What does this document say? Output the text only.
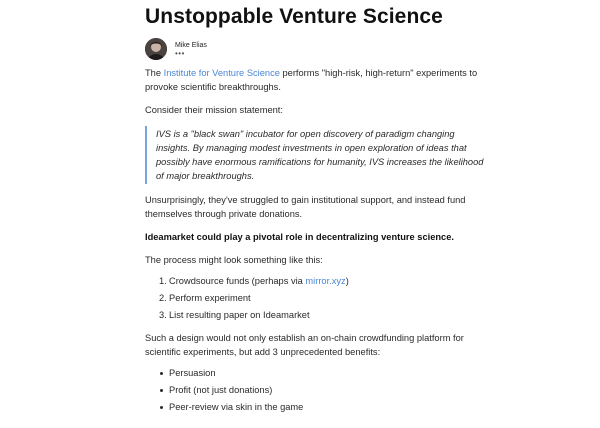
Unstoppable Venture Science
Mike Elias
•••

The Institute for Venture Science performs "high-risk, high-return" experiments to
provoke scientific breakthroughs.

Consider their mission statement:

IVS is a "black swan" incubator for open discovery of paradigm changing
insights. By managing modest investments in open exploration of ideas that
possibly have enormous ramifications for humanity, IVS increases the likelihood
of major breakthroughs.

Unsurprisingly, they've struggled to gain institutional support, and instead fund
themselves through private donations.

Ideamarket could play a pivotal role in decentralizing venture science.

The process might look something like this:

1. Crowdsource funds (perhaps via mirror.xyz)
2. Perform experiment
3. List resulting paper on Ideamarket

Such a design would not only establish an on-chain crowdfunding platform for
scientific experiments, but add 3 unprecedented benefits:

Persuasion
Profit (not just donations)
Peer-review via skin in the game
